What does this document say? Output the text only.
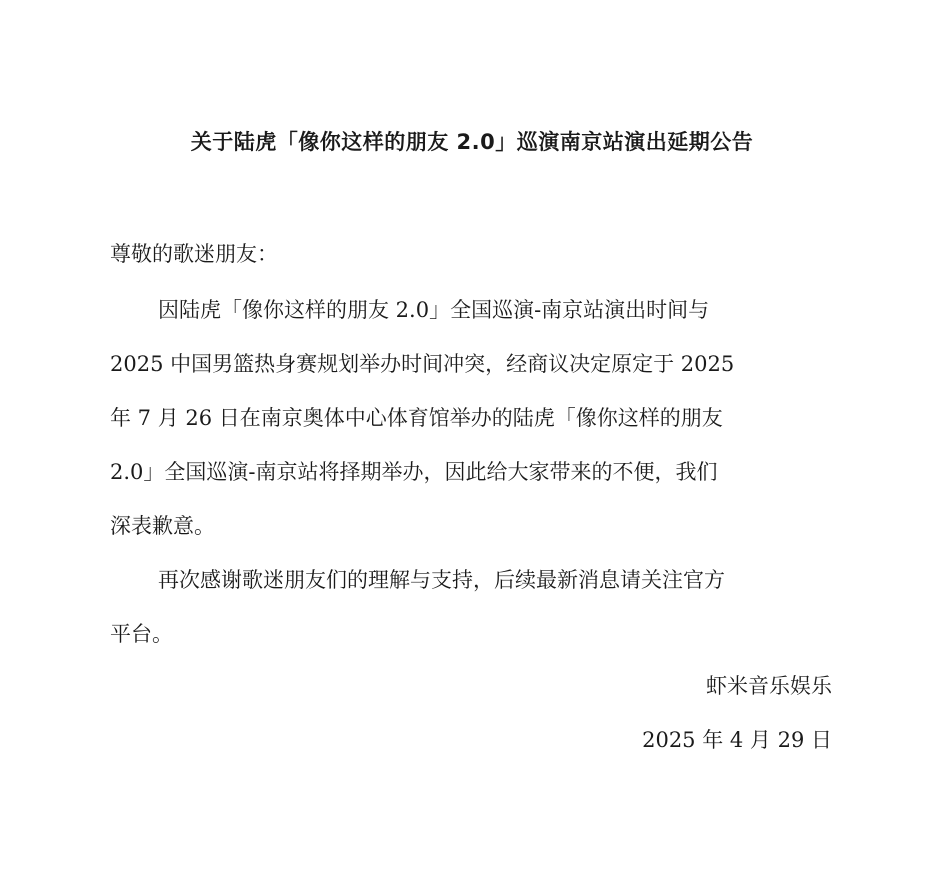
关于陆虎「像你这样的朋友 2.0」巡演南京站演出延期公告
尊敬的歌迷朋友：
因陆虎「像你这样的朋友 2.0」全国巡演-南京站演出时间与
2025 中国男篮热身赛规划举办时间冲突，经商议决定原定于 2025
年 7 月 26 日在南京奥体中心体育馆举办的陆虎「像你这样的朋友
2.0」全国巡演-南京站将择期举办，因此给大家带来的不便，我们
深表歉意。
再次感谢歌迷朋友们的理解与支持，后续最新消息请关注官方
平台。
虾米音乐娱乐
2025 年 4 月 29 日
